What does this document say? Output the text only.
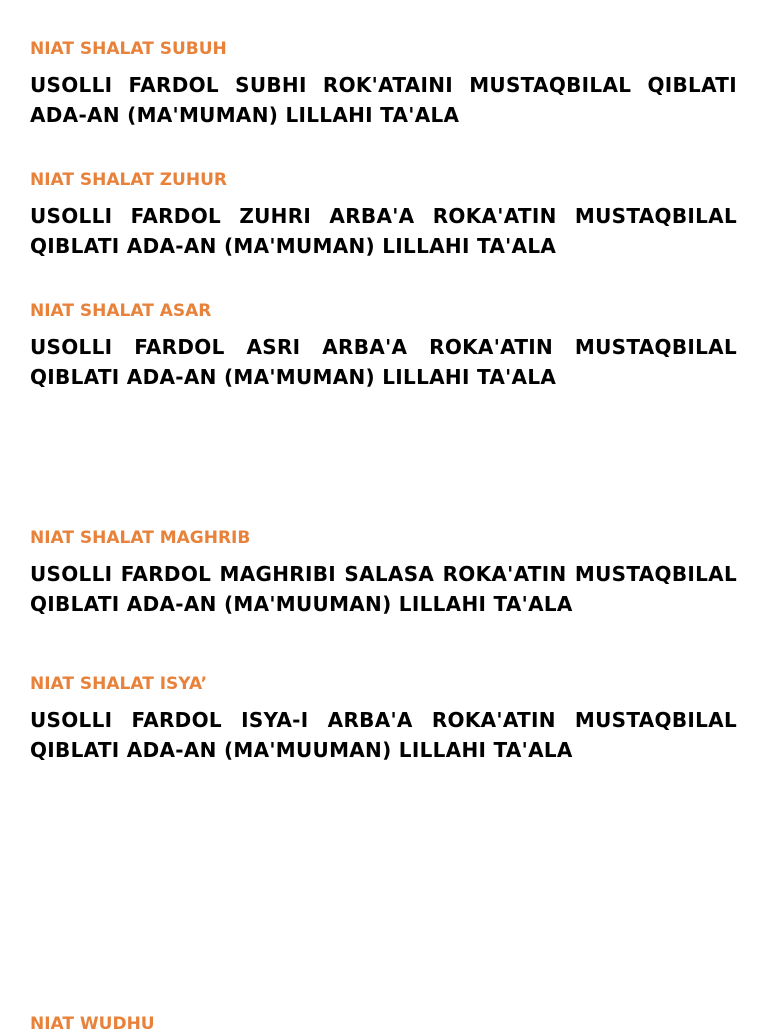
NIAT SHALAT SUBUH

USOLLI FARDOL SUBHI ROK'ATAINI MUSTAQBILAL QIBLATI ADA-AN (MA'MUMAN) LILLAHI TA'ALA

NIAT SHALAT ZUHUR

USOLLI FARDOL ZUHRI ARBA'A ROKA'ATIN MUSTAQBILAL QIBLATI ADA-AN (MA'MUMAN) LILLAHI TA'ALA

NIAT SHALAT ASAR

USOLLI FARDOL ASRI ARBA'A ROKA'ATIN MUSTAQBILAL QIBLATI ADA-AN (MA'MUMAN) LILLAHI TA'ALA

NIAT SHALAT MAGHRIB

USOLLI FARDOL MAGHRIBI SALASA ROKA'ATIN MUSTAQBILAL QIBLATI ADA-AN (MA'MUUMAN) LILLAHI TA'ALA

NIAT SHALAT ISYA’

USOLLI FARDOL ISYA-I ARBA'A ROKA'ATIN MUSTAQBILAL QIBLATI ADA-AN (MA'MUUMAN) LILLAHI TA'ALA

NIAT WUDHU
